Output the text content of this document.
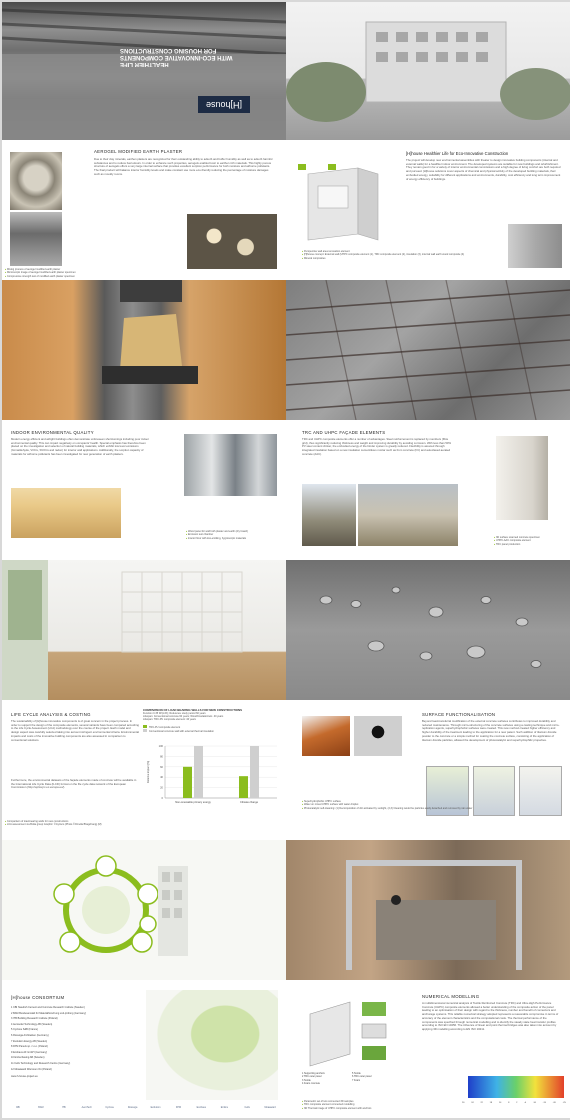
HEALTHIER LIFE
WITH ECO-INNOVATIVE COMPONENTS
FOR HOUSING CONSTRUCTIONS
[H]house
AEROGEL MODIFIED EARTH PLASTER
Due to their clay minerals, earthen plasters are recognized for their outstanding ability to adsorb and buffer humidity as well as to adsorb harmful substances and to reduce bad odours. In order to enhance such properties, aerogels enabled toxic to earthen rich materials. This highly porous structure of aerogels offers a very large internal surface that provides excellent sorption performance for both moisture and airborne pollutants. The final product will balance interior humidity levels and make constant use more eco-friendly reducing the percentage of moisture damages such as mouldy rooms.
▸ Mixing process of aerogel modified earth plaster
▸ Microscopic image of aerogel modified earth plaster specimen
▸ Compressive strength test of modified earth plaster specimen
INDOOR ENVIRONMENTAL QUALITY
Modern energy efficient and airtight buildings often demonstrate unforeseen shortcomings including poor indoor environmental quality. This can impact negatively on occupants' health. Special emphasis has therefore been placed on the investigation and selection of natural building materials, which exhibit low level emissions (formaldehyde, VOCs, SVOCs and radon) for interior wall applications. Additionally, the sorption capacity of materials for airborne pollutants has been investigated for new generation of earth plasters.
▸ Wood panel for wall both plaster and earth (dry board)
▸ Emission test chamber
▸ Interior floor with low-emitting, hygroscopic materials
LIFE CYCLE ANALYSIS & COSTING
The sustainability of [H]house innovative components is of great concern in the project process. In order to support the design of the composite elements, several variants have been compared according to the Life Cycle Assessment (LCA) methodology over the course of the project. Each model and design aspect was carefully selected taking into account stringent environmental criteria. Environmental impacts and costs of the innovative building components are also assessed in comparison to conventional solutions.
Furthermore, the environmental datasets of the façade elements made of concrete will be available in the International Life Cycle Data (ILCD) format on the file cycle data network of the European Commission (http://eplca.jrc.ec.europa.eu/).
COMPARISON OF LOAD BEARING WALLS FOR NEW CONSTRUCTIONS
Function 0.35 W/(m²K); Reference study period 60 years
Lifespan: Conventional concrete 60 years; Wood/Insulation/etc. 40 years
Lifespan: TRC-PU composite element: 40 years
TRC-PU composite element
Conventional concrete wall with external thermal insulation
0
20
40
60
80
100
Relative impact [%]
Non-renewable primary energy	Climate change
▸ Comparison of load-bearing walls for new constructions
▸ LCA assessment via Bolta group Graphic: ©Gyrisco (Photo ©Ornella Bhagchan)g (M)
[H]house CONSORTIUM
1 CBI Swedish Cement and Concrete Research Institute (Sweden)
2 BAM Bundesanstalt für Materialforschung und-prüfung (Germany)
3 ITB Building Research Institute (Poland)
4 Aerosolar Technology AB (Sweden)
5 Cyclone S&B (France)
6 Rossoga Architekten (Germany)
7 Evolution Exergy AB (Sweden)
8 FPM Panels sp. z o.o. (Poland)
9 Ecohaus AF GmbH (Germany)
10 Emberbasing AB (Sweden)
11 Cells Technology and Research Centre (Germany)
12 Moaaward Wieronen Oü (Poland)
www.h-house-project.eu
CBI	BAM	ITB	AeroTech	Cyclone	Rossoga	Evolution	FPM	Ecohaus	Embra	Cells	Moaaward
[H]house Healthier Life for Eco-Innovative Construction
The project will develop new environmental assemblies with theater to design innovative building components (internal and external walls) for a healthier indoor environment. The developed systems are suitable for new buildings and refurbishment. They remain good in for a variety of interior environmental commissions and a high degree of living comfort are both required and pursued. [H]house solutions cover aspects of chemical and physical activity of the developed building materials, their embodied energy, suitability for different applications and environments, durability, cost efficiency and long term improvement of energy efficiency of buildings.
▸ Perspective wall area renovation element
▸ [H]house concept: External wall (UHPC composite element (1), TRC composite element (2), insulation (3), internal wall earth wood composite (4)
▸ Mineral composites
TRC AND UHPC FAÇADE ELEMENTS
TRC and UHPC composite elements offer a number of advantages. Steel reinforcement is replaced by members (fibre grid), thus significantly reducing thickness and weight and improving durability by avoiding corrosion. With less than 50% PV steel content clinker, the embodied energy of the binder system is greatly reduced. Flexibility is assured through integrated insulation based on a new insulation cementitious mortar such as from concrete (FC) and autoclaved aerated concrete (AAC).
▸ 3D surface scanned concrete specimen
▸ UHPC-AAC composite element
▸ TRC panel production
SURFACE FUNCTIONALISATION
Beyond load-transferral modification of the external concrete surfaces contributes to improved durability and reduced maintenance. Through micro-structuring of the concrete surfaces using a casting technique and micro-replication agents, superhydrophobic surfaces were created. This new method created higher efficiency and higher durability of the treatment leading to the application for a new patent. Such addition of titanium dioxide powder to the concrete or a simple method for coating the concrete surface, consisting of the application of titanium dioxide particles, allowed the development of photocatalytic and superhydrophilic properties.
▸ Superhydrophobic UHPC surface
▸ Water on mixed UHPC surface with water droplet
▸ Photocatalytic self-cleaning: (1) Decomposition of dirt activated by sunlight, (2,3) Cleaning would be particles easily detached and removed by rain water
NUMERICAL MODELLING
A multidimensional numerical analysis of Textile Reinforced Concrete (TRC) and Ultra-High Performance Concrete (UHPC) composite elements allowed a better understanding of the composite action of the panel leading to an optimisation of their design with regard to the thickness, number and benefit of connectors and anchorage systems. This reliable numerical strategy adopted represents a reasonable compromise in terms of accuracy of the element characteristics and the computational costs. The thermal performance of the components was specified through numerical modelling and to identify the steady state heat transfer profiles according to ISO EN 10456. The influence of linear and point thermal bridges was also taken into account by applying 3D modelling according to EN ISO 10211.
1 Supporting anchors	5 Textile
2 TRC outer panel	6 TRC outer panel
3 Textile	7 Foam
4 Foam concrete
▸ Parametric set of two connected 3D samples
▸ TRC composite element connected modelling
▸ 3D Thermal image of UHPC composite element with anchors
26	24	22	18	14	8	2	-4	-10	-15	-20	-25
